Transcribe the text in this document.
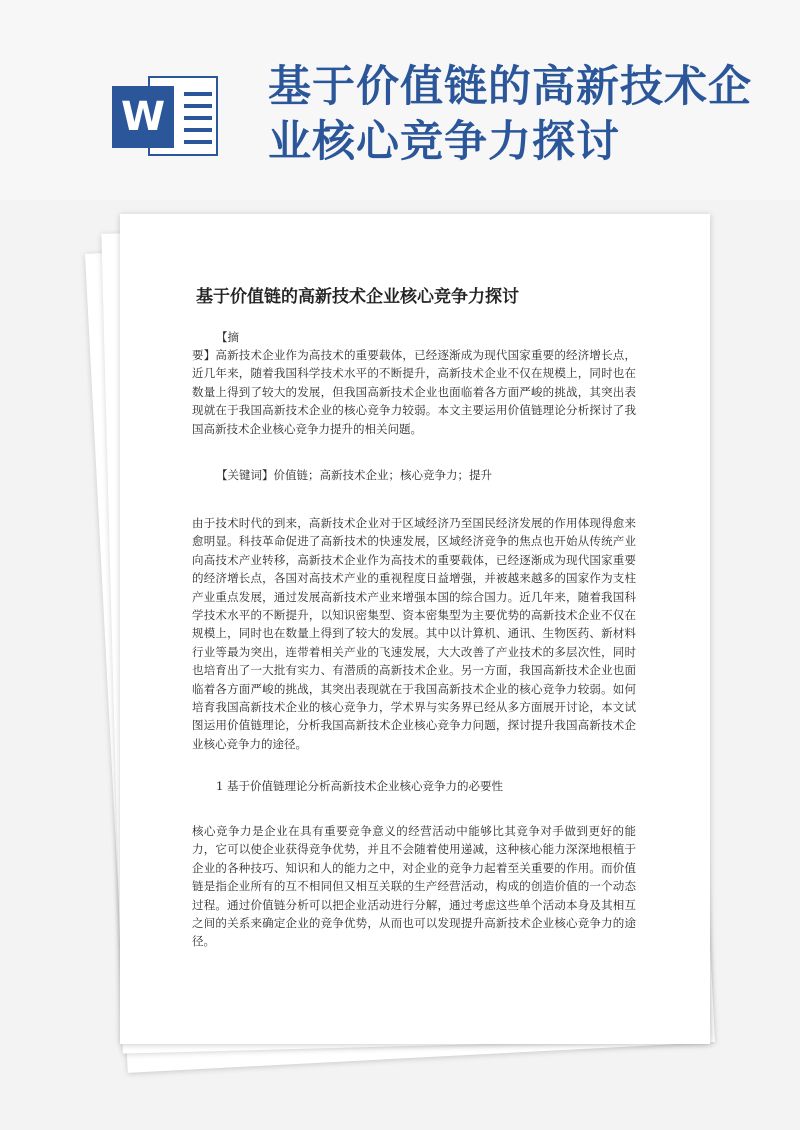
W
基于价值链的高新技术企业核心竞争力探讨
基于价值链的高新技术企业核心竞争力探讨

【摘

要】高新技术企业作为高技术的重要载体，已经逐渐成为现代国家重要的经济增长点，近几年来，随着我国科学技术水平的不断提升，高新技术企业不仅在规模上，同时也在数量上得到了较大的发展，但我国高新技术企业也面临着各方面严峻的挑战，其突出表现就在于我国高新技术企业的核心竞争力较弱。本文主要运用价值链理论分析探讨了我国高新技术企业核心竞争力提升的相关问题。

【关键词】价值链；高新技术企业；核心竞争力；提升

由于技术时代的到来，高新技术企业对于区域经济乃至国民经济发展的作用体现得愈来愈明显。科技革命促进了高新技术的快速发展，区域经济竞争的焦点也开始从传统产业向高技术产业转移，高新技术企业作为高技术的重要载体，已经逐渐成为现代国家重要的经济增长点，各国对高技术产业的重视程度日益增强，并被越来越多的国家作为支柱产业重点发展，通过发展高新技术产业来增强本国的综合国力。近几年来，随着我国科学技术水平的不断提升，以知识密集型、资本密集型为主要优势的高新技术企业不仅在规模上，同时也在数量上得到了较大的发展。其中以计算机、通讯、生物医药、新材料行业等最为突出，连带着相关产业的飞速发展，大大改善了产业技术的多层次性，同时也培育出了一大批有实力、有潜质的高新技术企业。另一方面，我国高新技术企业也面临着各方面严峻的挑战，其突出表现就在于我国高新技术企业的核心竞争力较弱。如何培育我国高新技术企业的核心竞争力，学术界与实务界已经从多方面展开讨论，本文试图运用价值链理论，分析我国高新技术企业核心竞争力问题，探讨提升我国高新技术企业核心竞争力的途径。

1 基于价值链理论分析高新技术企业核心竞争力的必要性

核心竞争力是企业在具有重要竞争意义的经营活动中能够比其竞争对手做到更好的能力，它可以使企业获得竞争优势，并且不会随着使用递减，这种核心能力深深地根植于企业的各种技巧、知识和人的能力之中，对企业的竞争力起着至关重要的作用。而价值链是指企业所有的互不相同但又相互关联的生产经营活动，构成的创造价值的一个动态过程。通过价值链分析可以把企业活动进行分解，通过考虑这些单个活动本身及其相互之间的关系来确定企业的竞争优势，从而也可以发现提升高新技术企业核心竞争力的途径。
